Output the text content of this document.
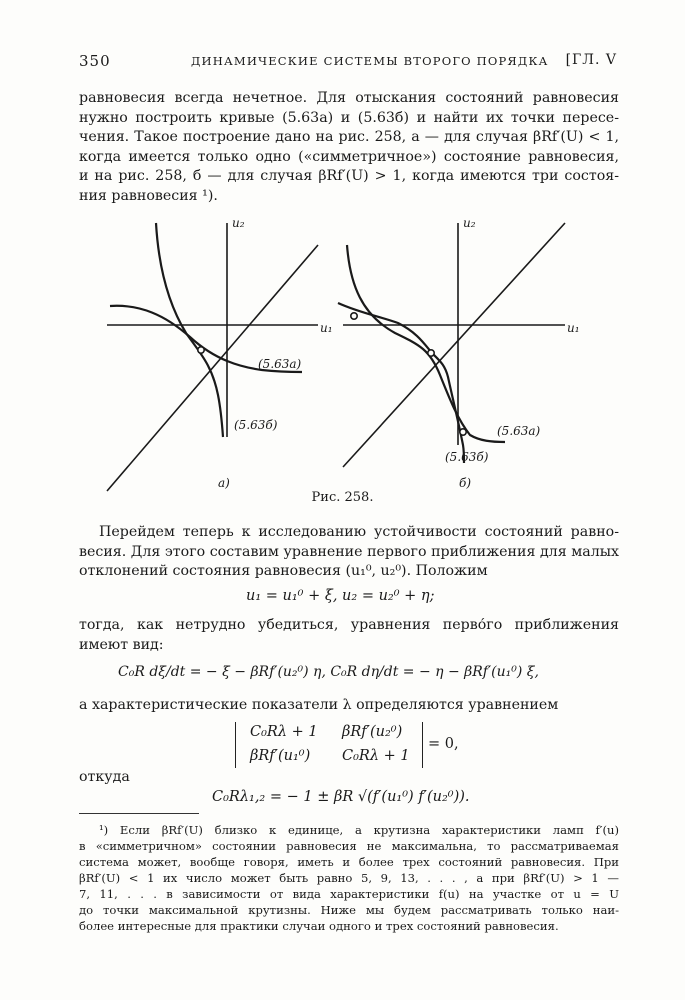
350	ДИНАМИЧЕСКИЕ СИСТЕМЫ ВТОРОГО ПОРЯДКА [ГЛ. V
равновесия всегда нечетное. Для отыскания состояний равновесия
нужно построить кривые (5.63а) и (5.63б) и найти их точки пересе-
чения. Такое построение дано на рис. 258, а — для случая βRf′(U) < 1,
когда имеется только одно («симметричное») состояние равновесия,
и на рис. 258, б — для случая βRf′(U) > 1, когда имеются три состоя-
ния равновесия ¹).
u₂
u₁
(5.63а)
(5.63б)
а)
u₂
u₁
(5.63а)
(5.63б)
б)
Рис. 258.
Перейдем теперь к исследованию устойчивости состояний равно-
весия. Для этого составим уравнение первого приближения для малых
отклонений состояния равновесия (u₁⁰, u₂⁰). Положим
u₁ = u₁⁰ + ξ, u₂ = u₂⁰ + η;
тогда, как нетрудно убедиться, уравнения перво́го приближения
имеют вид:
C₀R dξ/dt = − ξ − βRf′(u₂⁰) η, C₀R dη/dt = − η − βRf′(u₁⁰) ξ,
а характеристические показатели λ определяются уравнением
C₀Rλ + 1 βRf′(u₂⁰)
βRf′(u₁⁰) C₀Rλ + 1
= 0,
откуда
C₀Rλ₁,₂ = − 1 ± βR √(f′(u₁⁰) f′(u₂⁰)).
¹) Если βRf′(U) близко к единице, а крутизна характеристики ламп f′(u)
в «симметричном» состоянии равновесия не максимальна, то рассматриваемая
система может, вообще говоря, иметь и более трех состояний равновесия. При
βRf′(U) < 1 их число может быть равно 5, 9, 13, . . . , а при βRf′(U) > 1 —
7, 11, . . . в зависимости от вида характеристики f(u) на участке от u = U
до точки максимальной крутизны. Ниже мы будем рассматривать только наи-
более интересные для практики случаи одного и трех состояний равновесия.
